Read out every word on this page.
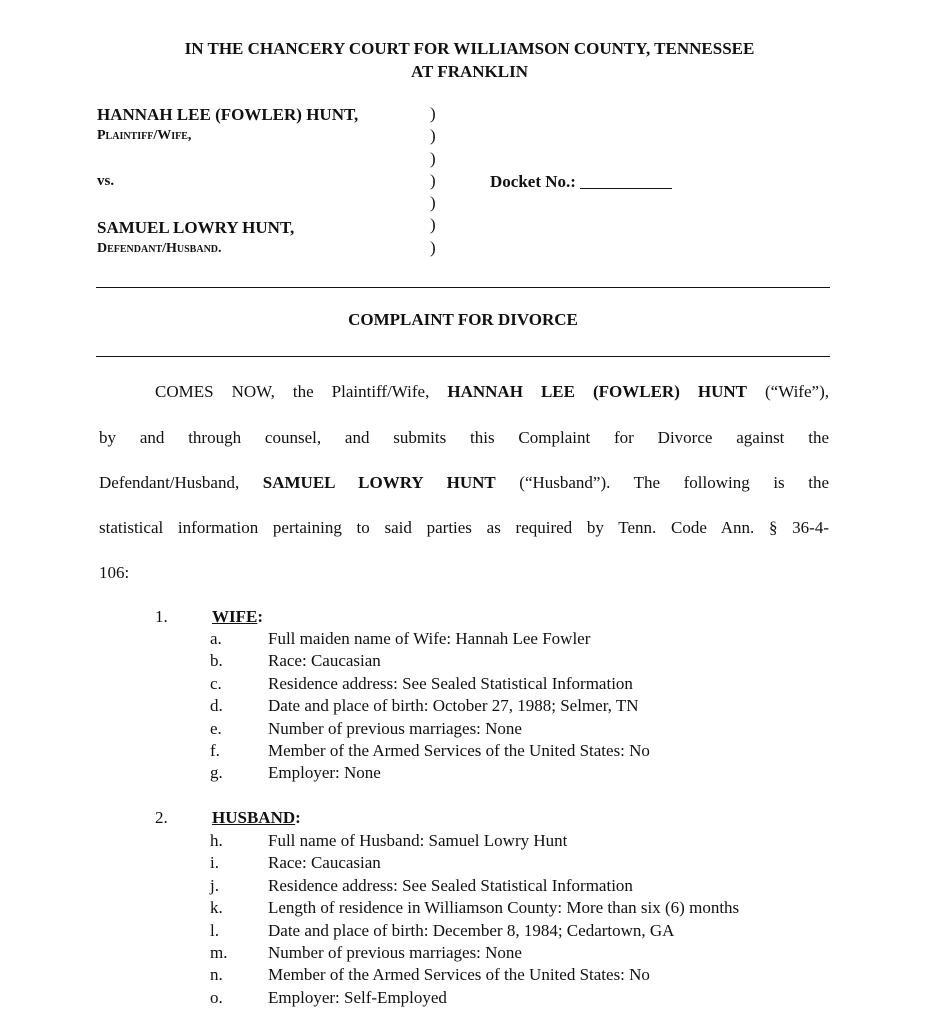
IN THE CHANCERY COURT FOR WILLIAMSON COUNTY, TENNESSEE
AT FRANKLIN
HANNAH LEE (FOWLER) HUNT,
Plaintiff/Wife,
vs.
SAMUEL LOWRY HUNT,
Defendant/Husband.
)
)
)
)
)
)
)
Docket No.:
COMPLAINT FOR DIVORCE
COMES NOW, the Plaintiff/Wife, HANNAH LEE (FOWLER) HUNT (“Wife”),
by and through counsel, and submits this Complaint for Divorce against the
Defendant/Husband, SAMUEL LOWRY HUNT (“Husband”). The following is the
statistical information pertaining to said parties as required by Tenn. Code Ann. § 36-4-
106:
1.	WIFE:
a.	Full maiden name of Wife: Hannah Lee Fowler
b.	Race: Caucasian
c.	Residence address: See Sealed Statistical Information
d.	Date and place of birth: October 27, 1988; Selmer, TN
e.	Number of previous marriages: None
f.	Member of the Armed Services of the United States: No
g.	Employer: None
2.	HUSBAND:
h.	Full name of Husband: Samuel Lowry Hunt
i.	Race: Caucasian
j.	Residence address: See Sealed Statistical Information
k.	Length of residence in Williamson County: More than six (6) months
l.	Date and place of birth: December 8, 1984; Cedartown, GA
m.	Number of previous marriages: None
n.	Member of the Armed Services of the United States: No
o.	Employer: Self-Employed
